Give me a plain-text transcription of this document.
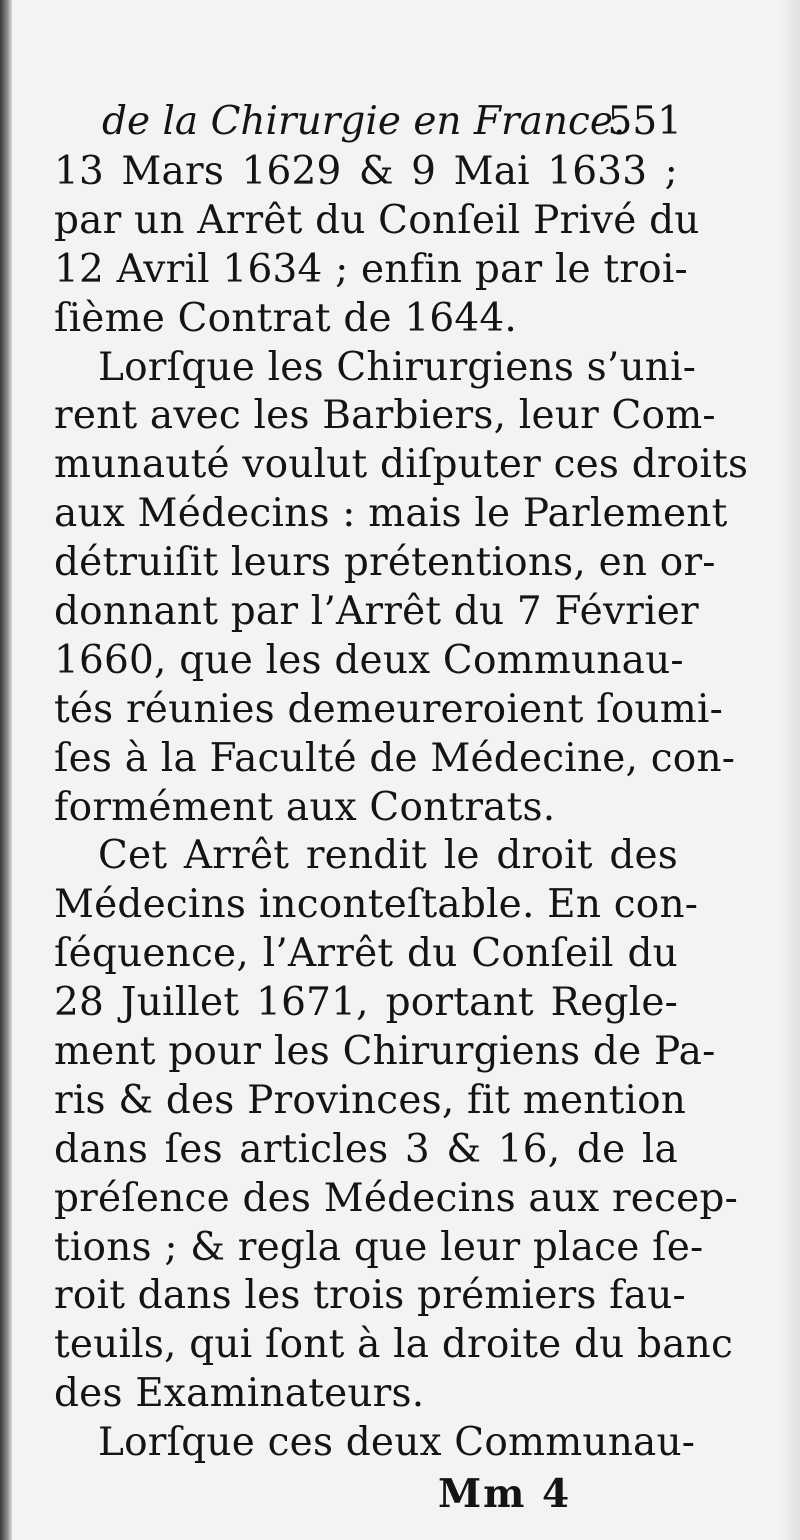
de la Chirurgie en France.
551
13 Mars 1629 & 9 Mai 1633 ;
par un Arrêt du Conſeil Privé du
12 Avril 1634 ; enfin par le troi-
ſième Contrat de 1644.
Lorſque les Chirurgiens s’uni-
rent avec les Barbiers, leur Com-
munauté voulut diſputer ces droits
aux Médecins : mais le Parlement
détruiſit leurs prétentions, en or-
donnant par l’Arrêt du 7 Février
1660, que les deux Communau-
tés réunies demeureroient ſoumi-
ſes à la Faculté de Médecine, con-
formément aux Contrats.
Cet Arrêt rendit le droit des
Médecins inconteſtable. En con-
ſéquence, l’Arrêt du Conſeil du
28 Juillet 1671, portant Regle-
ment pour les Chirurgiens de Pa-
ris & des Provinces, fit mention
dans ſes articles 3 & 16, de la
préſence des Médecins aux recep-
tions ; & regla que leur place ſe-
roit dans les trois prémiers fau-
teuils, qui ſont à la droite du banc
des Examinateurs.
Lorſque ces deux Communau-
Mm 4
